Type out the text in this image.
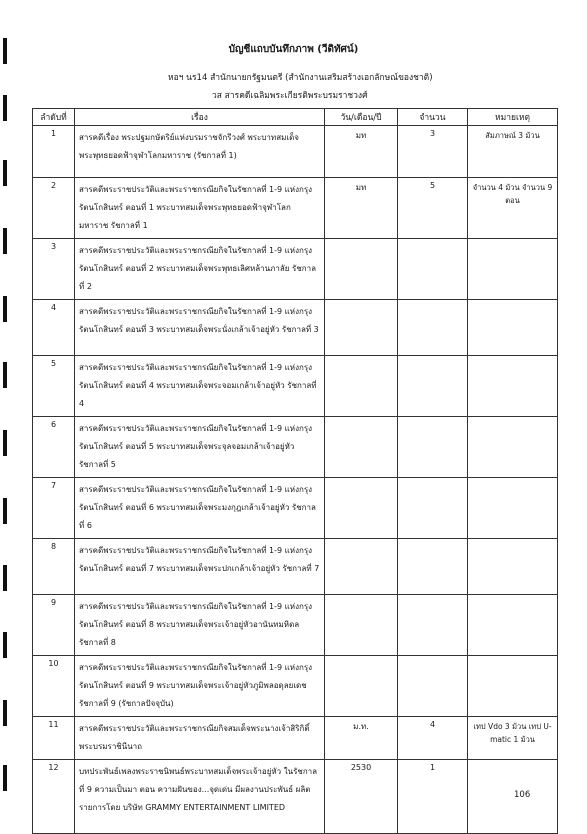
บัญชีแถบบันทึกภาพ (วีดิทัศน์)
หอฯ นร14 สำนักนายกรัฐมนตรี (สำนักงานเสริมสร้างเอกลักษณ์ของชาติ)
วส สารคดีเฉลิมพระเกียรติพระบรมราชวงศ์
ลำดับที่	เรื่อง	วัน/เดือน/ปี	จำนวน	หมายเหตุ
1	สารคดีเรื่อง พระปฐมกษัตริย์แห่งบรมราชจักรีวงศ์ พระบาทสมเด็จพระพุทธยอดฟ้าจุฬาโลกมหาราช (รัชกาลที่ 1)	มท	3	สัมภาษณ์ 3 ม้วน
2	สารคดีพระราชประวัติและพระราชกรณียกิจในรัชกาลที่ 1-9 แห่งกรุงรัตนโกสินทร์ ตอนที่ 1 พระบาทสมเด็จพระพุทธยอดฟ้าจุฬาโลกมหาราช รัชกาลที่ 1	มท	5	จำนวน 4 ม้วน จำนวน 9 ตอน
3	สารคดีพระราชประวัติและพระราชกรณียกิจในรัชกาลที่ 1-9 แห่งกรุงรัตนโกสินทร์ ตอนที่ 2 พระบาทสมเด็จพระพุทธเลิศหล้านภาลัย รัชกาลที่ 2			
4	สารคดีพระราชประวัติและพระราชกรณียกิจในรัชกาลที่ 1-9 แห่งกรุงรัตนโกสินทร์ ตอนที่ 3 พระบาทสมเด็จพระนั่งเกล้าเจ้าอยู่หัว รัชกาลที่ 3			
5	สารคดีพระราชประวัติและพระราชกรณียกิจในรัชกาลที่ 1-9 แห่งกรุงรัตนโกสินทร์ ตอนที่ 4 พระบาทสมเด็จพระจอมเกล้าเจ้าอยู่หัว รัชกาลที่ 4			
6	สารคดีพระราชประวัติและพระราชกรณียกิจในรัชกาลที่ 1-9 แห่งกรุงรัตนโกสินทร์ ตอนที่ 5 พระบาทสมเด็จพระจุลจอมเกล้าเจ้าอยู่หัว รัชกาลที่ 5			
7	สารคดีพระราชประวัติและพระราชกรณียกิจในรัชกาลที่ 1-9 แห่งกรุงรัตนโกสินทร์ ตอนที่ 6 พระบาทสมเด็จพระมงกุฎเกล้าเจ้าอยู่หัว รัชกาลที่ 6			
8	สารคดีพระราชประวัติและพระราชกรณียกิจในรัชกาลที่ 1-9 แห่งกรุงรัตนโกสินทร์ ตอนที่ 7 พระบาทสมเด็จพระปกเกล้าเจ้าอยู่หัว รัชกาลที่ 7			
9	สารคดีพระราชประวัติและพระราชกรณียกิจในรัชกาลที่ 1-9 แห่งกรุงรัตนโกสินทร์ ตอนที่ 8 พระบาทสมเด็จพระเจ้าอยู่หัวอานันทมหิดล รัชกาลที่ 8			
10	สารคดีพระราชประวัติและพระราชกรณียกิจในรัชกาลที่ 1-9 แห่งกรุงรัตนโกสินทร์ ตอนที่ 9 พระบาทสมเด็จพระเจ้าอยู่หัวภูมิพลอดุลยเดช รัชกาลที่ 9 (รัชกาลปัจจุบัน)			
11	สารคดีพระราชประวัติและพระราชกรณียกิจสมเด็จพระนางเจ้าสิริกิติ์ พระบรมราชินีนาถ	ม.ท.	4	เทป Vdo 3 ม้วน เทป U-matic 1 ม้วน
12	บทประพันธ์เพลงพระราชนิพนธ์พระบาทสมเด็จพระเจ้าอยู่หัว ในรัชกาลที่ 9 ความเป็นมา ตอน ความฝันของ...จุดเด่น มีผลงานประพันธ์ ผลิตรายการโดย บริษัท GRAMMY ENTERTAINMENT LIMITED	2530	1	
106
